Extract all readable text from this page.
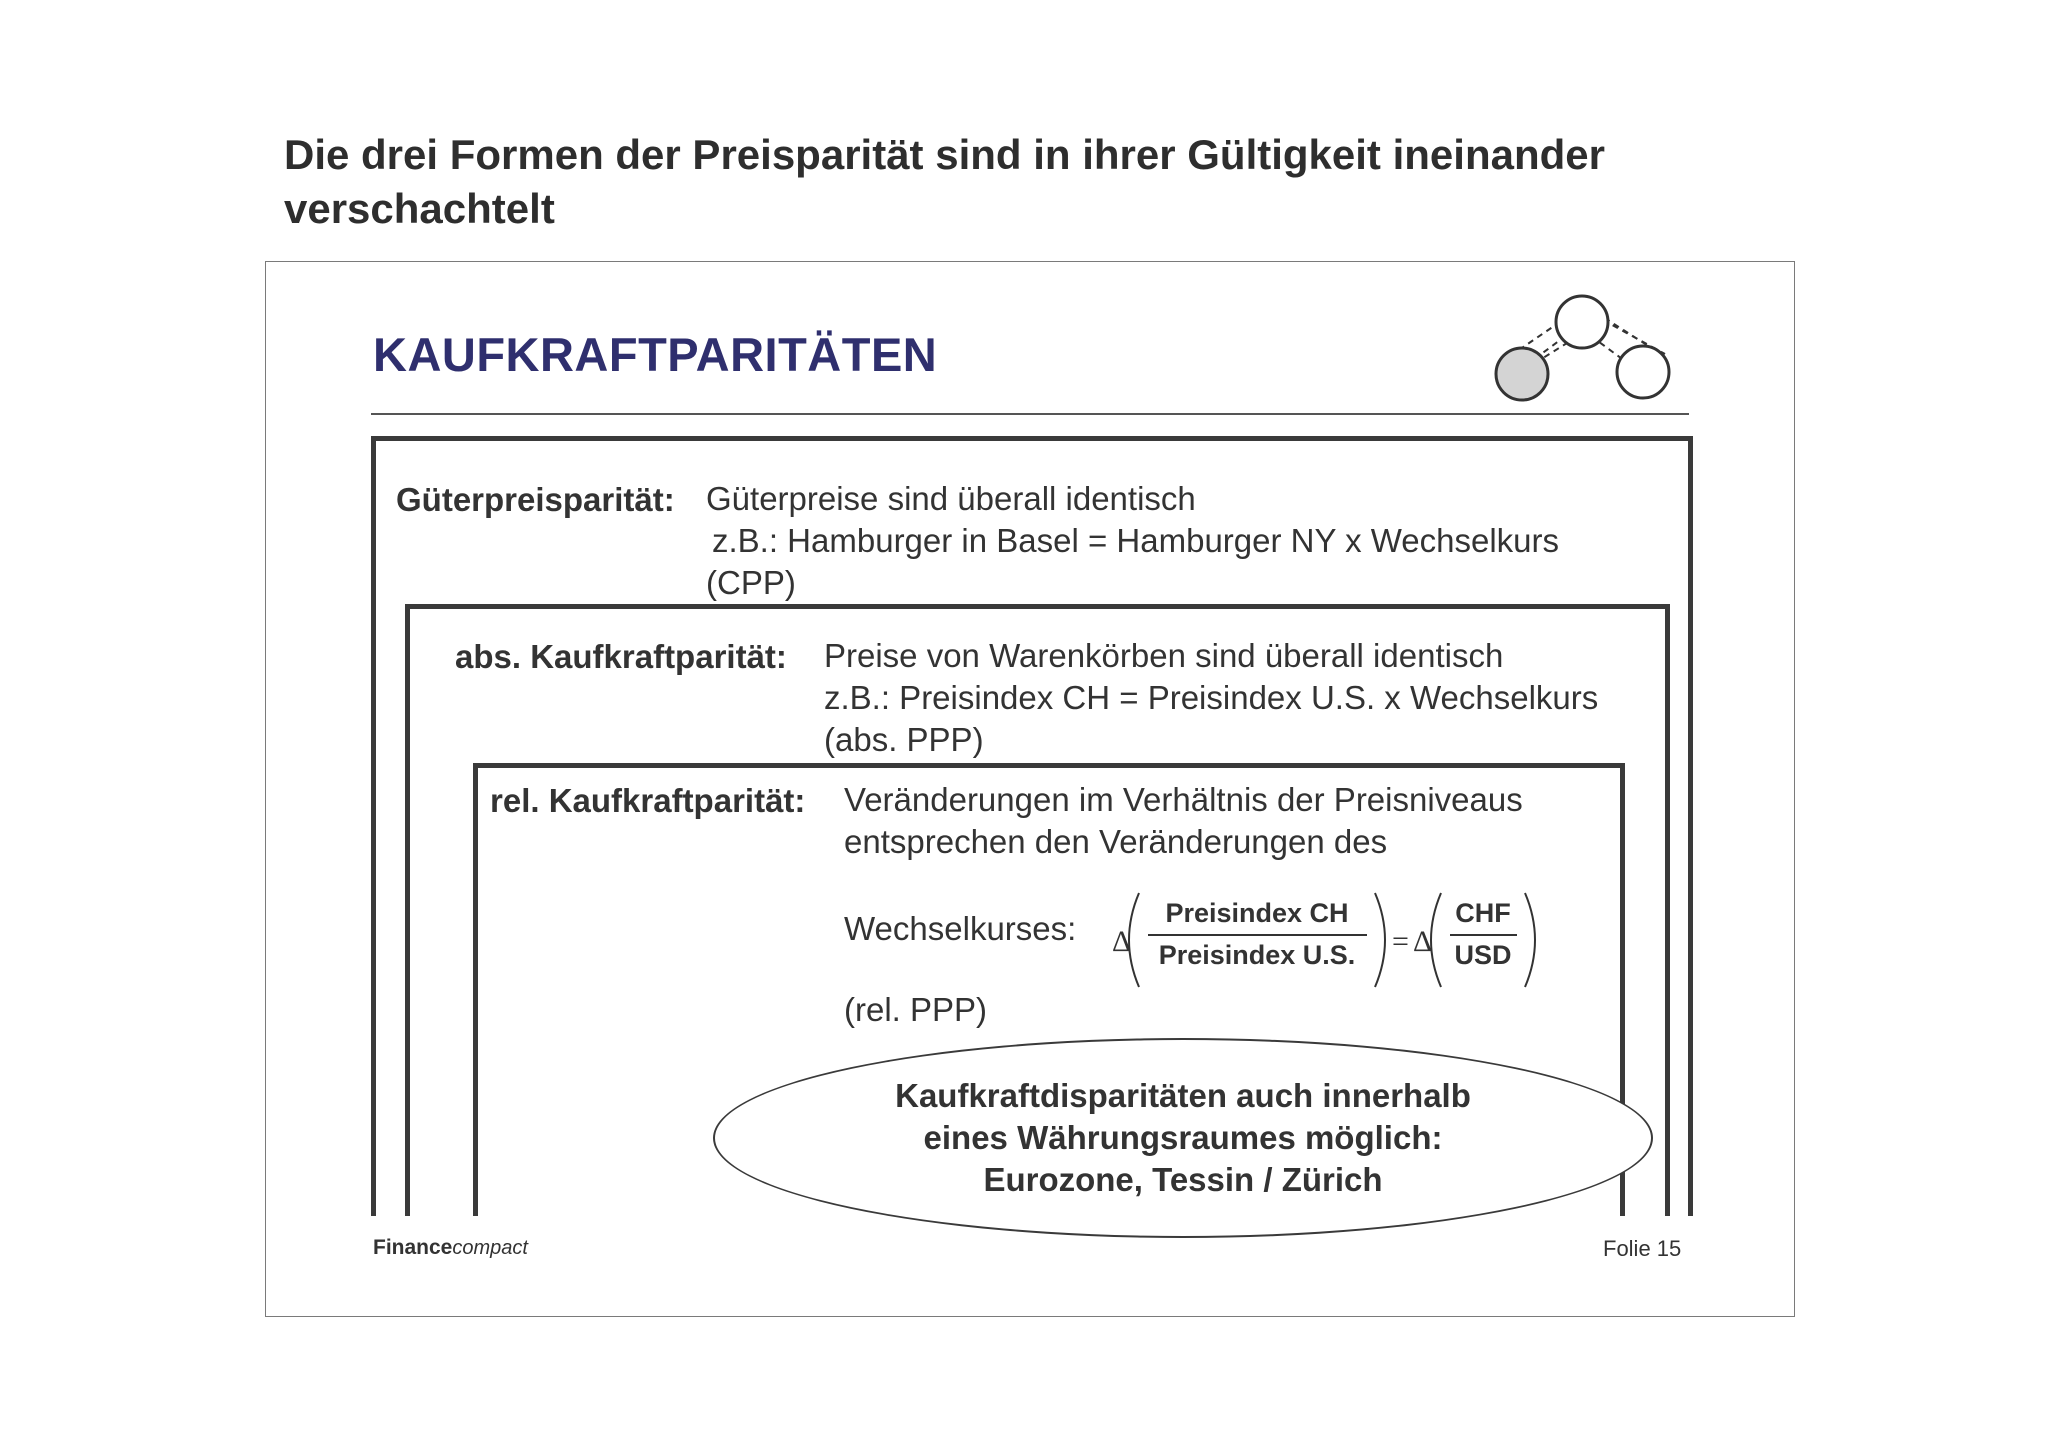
Die drei Formen der Preisparität sind in ihrer Gültigkeit ineinander
verschachtelt
KAUFKRAFTPARITÄTEN
Güterpreisparität: Güterpreise sind überall identisch
z.B.: Hamburger in Basel = Hamburger NY x Wechselkurs
(CPP)
abs. Kaufkraftparität: Preise von Warenkörben sind überall identisch
z.B.: Preisindex CH = Preisindex U.S. x Wechselkurs
(abs. PPP)
rel. Kaufkraftparität: Veränderungen im Verhältnis der Preisniveaus
entsprechen den Veränderungen des
Wechselkurses: Δ
Preisindex CH
Preisindex U.S. = Δ
CHF
USD
(rel. PPP)
Kaufkraftdisparitäten auch innerhalb
eines Währungsraumes möglich:
Eurozone, Tessin / Zürich
Financecompact	Folie 15
